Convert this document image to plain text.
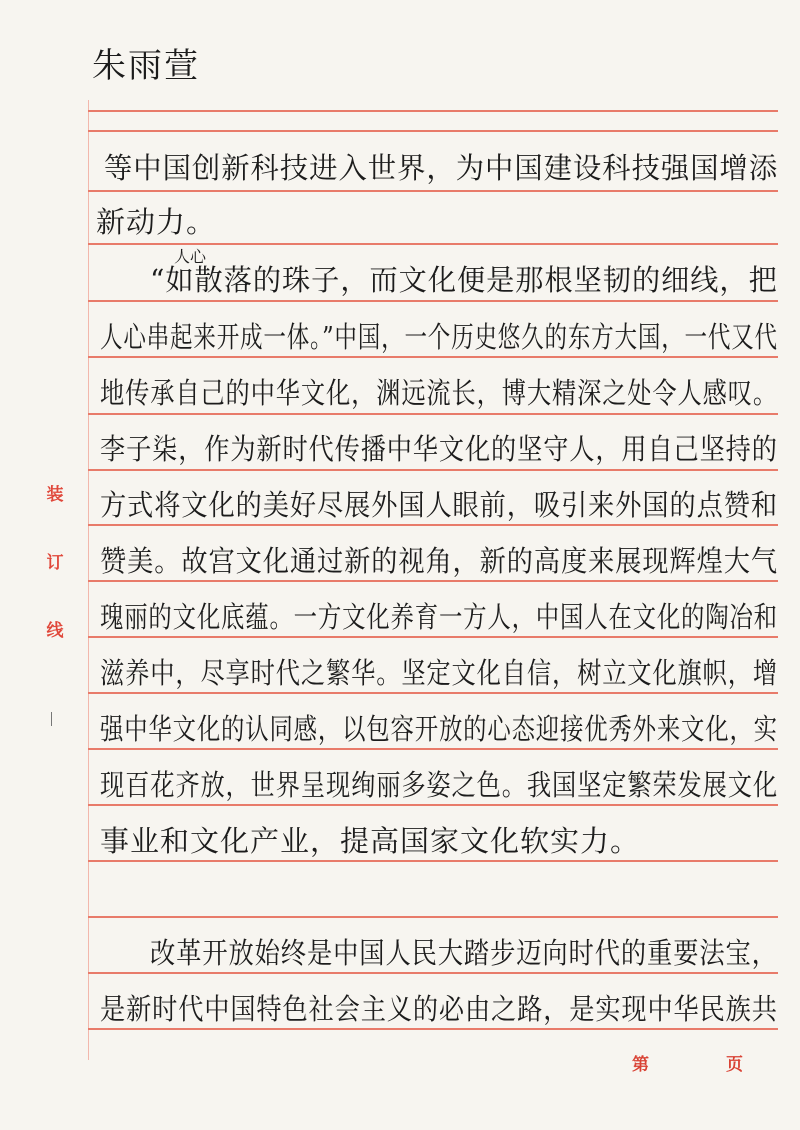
装
订
线
朱雨萱
等中国创新科技进入世界，为中国建设科技强国增添
新动力。
人心
“如散落的珠子，而文化便是那根坚韧的细线，把
人心串起来开成一体。”中国，一个历史悠久的东方大国，一代又代
地传承自己的中华文化，渊远流长，博大精深之处令人感叹。
李子柒，作为新时代传播中华文化的坚守人，用自己坚持的
方式将文化的美好尽展外国人眼前，吸引来外国的点赞和
赞美。故宫文化通过新的视角，新的高度来展现辉煌大气
瑰丽的文化底蕴。一方文化养育一方人，中国人在文化的陶冶和
滋养中，尽享时代之繁华。坚定文化自信，树立文化旗帜，增
强中华文化的认同感，以包容开放的心态迎接优秀外来文化，实
现百花齐放，世界呈现绚丽多姿之色。我国坚定繁荣发展文化
事业和文化产业，提高国家文化软实力。
改革开放始终是中国人民大踏步迈向时代的重要法宝，
是新时代中国特色社会主义的必由之路，是实现中华民族共
第	页
